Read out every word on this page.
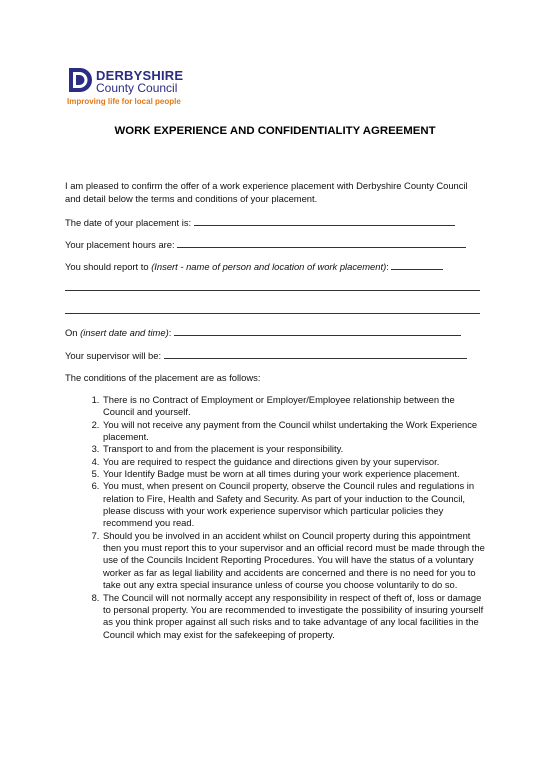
DERBYSHIRE
County Council
Improving life for local people
WORK EXPERIENCE AND CONFIDENTIALITY AGREEMENT
I am pleased to confirm the offer of a work experience placement with Derbyshire County Council and detail below the terms and conditions of your placement.
The date of your placement is:
Your placement hours are:
You should report to (Insert - name of person and location of work placement):
On (insert date and time):
Your supervisor will be:
The conditions of the placement are as follows:
1. There is no Contract of Employment or Employer/Employee relationship between the Council and yourself.
2. You will not receive any payment from the Council whilst undertaking the Work Experience placement.
3. Transport to and from the placement is your responsibility.
4. You are required to respect the guidance and directions given by your supervisor.
5. Your Identify Badge must be worn at all times during your work experience placement.
6. You must, when present on Council property, observe the Council rules and regulations in relation to Fire, Health and Safety and Security. As part of your induction to the Council, please discuss with your work experience supervisor which particular policies they recommend you read.
7. Should you be involved in an accident whilst on Council property during this appointment then you must report this to your supervisor and an official record must be made through the use of the Councils Incident Reporting Procedures. You will have the status of a voluntary worker as far as legal liability and accidents are concerned and there is no need for you to take out any extra special insurance unless of course you choose voluntarily to do so.
8. The Council will not normally accept any responsibility in respect of theft of, loss or damage to personal property. You are recommended to investigate the possibility of insuring yourself as you think proper against all such risks and to take advantage of any local facilities in the Council which may exist for the safekeeping of property.
